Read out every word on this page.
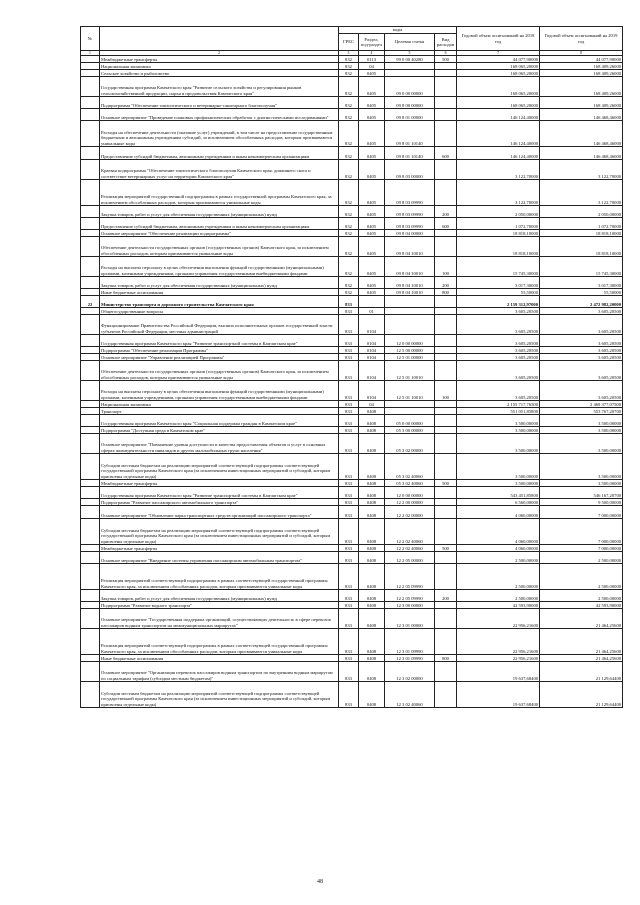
№		коды				Годовой объем ассигнований на 2018 год	Годовой объем ассигнований на 2019 год
		ГРБС	Раздел, под-раздел	Целевая статья	Вид расходов		
1	2	3	4	5	6	7	8
	Межбюджетные трансферты	832	0113	99 0 00 40280	500	44 077,90000	44 077,90000
	Национальная экономика	832	04			168 065,20000	168 409,26000
	Сельское хозяйство и рыболовство	832	0405			168 065,20000	168 409,26000
	Государственная программа Камчатского края "Развитие сельского хозяйства и регулирования рынков сельскохозяйственной продукции, сырья и продовольствия Камчатского края"	832	0405	09 0 00 00000		168 065,20000	168 409,26000
	Подпрограмма "Обеспечение эпизоотического и ветеринарно-санитарного благополучия"	832	0405	09 8 00 00000		168 065,20000	168 409,26000
	Основное мероприятие "Проведение плановых профилактических обработок с диагностическими исследованиями"	832	0405	09 8 01 00000		146 124,40000	146 468,46000
	Расходы на обеспечение деятельности (оказание услуг) учреждений, в том числе на предоставление государственным бюджетным и автономным учреждениям субсидий, за исключением обособленных расходов, которым присваиваются уникальные коды	832	0405	09 8 01 10140		146 124,40000	146 468,46000
	Предоставление субсидий бюджетным, автономным учреждениям и иным некоммерческим организациям	832	0405	09 8 01 10140	600	146 124,40000	146 468,46000
	Краевая подпрограмма "Обеспечение эпизоотического благополучия Камчатского края, домашнего скота и соответствие ветеринарных услуг на территории Камчатского края"	832	0405	09 8 03 00000		3 122,70000	3 122,70000
	Реализация мероприятий государственной подпрограммы в рамках государственной программы Камчатского края, за исключением обособленных расходов, которым присваиваются уникальные коды	832	0405	09 8 03 09990		3 122,70000	3 122,70000
	Закупка товаров, работ и услуг для обеспечения государственных (муниципальных) нужд	832	0405	09 8 03 09990	200	2 050,00000	2 050,00000
	Предоставление субсидий бюджетным, автономным учреждениям и иным некоммерческим организациям	832	0405	09 8 03 09990	600	1 072,70000	1 072,70000
	Основное мероприятие "Обеспечение реализации подпрограммы"	832	0405	09 8 04 00000		18 818,10000	18 818,10000
	Обеспечение деятельности государственных органов (государственных органов) Камчатского края, за исключением обособленных расходов, которым присваиваются уникальные коды	832	0405	09 8 04 10010		18 818,10000	18 818,10000
	Расходы на выплаты персоналу в целях обеспечения выполнения функций государственными (муниципальными) органами, казенными учреждениями, органами управления государственными внебюджетными фондами	832	0405	09 8 04 10010	100	15 745,30000	15 745,30000
	Закупка товаров, работ и услуг для обеспечения государственных (муниципальных) нужд	832	0405	09 8 04 10010	200	3 017,30000	3 017,30000
	Иные бюджетные ассигнования	832	0405	09 8 04 10010	800	55,50000	55,50000
22	Министерство транспорта и дорожного строительства Камчатского края	833				2 159 312,97000	2 472 982,20000
	Общегосударственные вопросы	833	01			3 605,20500	3 605,20500
	Функционирование Правительства Российской Федерации, высших исполнительных органов государственной власти субъектов Российской Федерации, местных администраций	833	0104			3 605,20500	3 605,20500
	Государственная программа Камчатского края "Развитие транспортной системы в Камчатском крае"	833	0104	12 0 00 00000		3 605,20500	3 605,20500
	Подпрограмма "Обеспечение реализации Программы"	833	0104	12 5 00 00000		3 605,20500	3 605,20500
	Основное мероприятие "Управление реализацией Программы"	833	0104	12 5 01 00000		3 605,20500	3 605,20500
	Обеспечение деятельности государственных органов (государственных органов) Камчатского края, за исключением обособленных расходов, которым присваиваются уникальные коды	833	0104	12 5 01 10010		3 605,20500	3 605,20500
	Расходы на выплаты персоналу в целях обеспечения выполнения функций государственными (муниципальными) органами, казенными учреждениями, органами управления государственными внебюджетными фондами	833	0104	12 5 01 10010	100	3 605,20500	3 605,20500
	Национальная экономика	833	04			2 155 717,76500	2 469 377,07500
	Транспорт	833	0408			551 051,85800	553 767,20700
	Государственная программа Камчатского края "Социальная поддержка граждан в Камчатском крае"	833	0408	05 0 00 00000		3 500,00000	3 500,00000
	Подпрограмма "Доступная среда в Камчатском крае"	833	0408	05 3 00 00000		3 500,00000	3 500,00000
	Основное мероприятие "Повышение уровня доступности и качества предоставления объектов и услуг в основных сферах жизнедеятельности инвалидов и других маломобильных групп населения"	833	0408	05 3 02 00000		3 500,00000	3 500,00000
	Субсидии местным бюджетам на реализацию мероприятий соответствующей подпрограммы соответствующей государственной программы Камчатского края (за исключением инвестиционных мероприятий и субсидий, которым присвоены отдельные коды)	833	0408	05 3 02 40060		3 500,00000	3 500,00000
	Межбюджетные трансферты	833	0408	05 3 02 40060	500	3 500,00000	3 500,00000
	Государственная программа Камчатского края "Развитие транспортной системы в Камчатском крае"	833	0408	12 0 00 00000		543 451,85800	546 167,20700
	Подпрограмма "Развитие пассажирского автомобильного транспорта"	833	0408	12 2 00 00000		6 560,00000	9 500,00000
	Основное мероприятие "Обновление парка транспортных средств организаций пассажирского транспорта"	833	0408	12 2 02 00000		4 060,00000	7 000,00000
	Субсидии местным бюджетам на реализацию мероприятий соответствующей подпрограммы соответствующей государственной программы Камчатского края (за исключением инвестиционных мероприятий и субсидий, которым присвоены отдельные коды)	833	0408	12 2 02 40060		4 060,00000	7 000,00000
	Межбюджетные трансферты	833	0408	12 2 02 40060	500	4 060,00000	7 000,00000
	Основное мероприятие "Внедрение системы управления пассажирским автомобильным транспортом"	833	0408	12 2 05 00000		2 500,00000	2 500,00000
	Реализация мероприятий соответствующей подпрограммы в рамках соответствующей государственной программы Камчатского края, за исключением обособленных расходов, которым присваиваются уникальные коды	833	0408	12 2 05 09990		2 500,00000	2 500,00000
	Закупка товаров, работ и услуг для обеспечения государственных (муниципальных) нужд	833	0408	12 2 05 09990	200	2 500,00000	2 500,00000
	Подпрограмма "Развитие водного транспорта"	833	0408	12 3 00 00000		42 593,90000	42 593,90000
	Основное мероприятие "Государственная поддержка организаций, осуществляющих деятельность в сфере перевозок пассажиров водным транспортом на межмуниципальных маршрутах"	833	0408	12 3 01 00000		22 956,21600	21 464,25600
	Реализация мероприятий соответствующей подпрограммы в рамках соответствующей государственной программы Камчатского края, за исключением обособленных расходов, которым присваиваются уникальные коды	833	0408	12 3 01 09990		22 956,21600	21 464,25600
	Иные бюджетные ассигнования	833	0408	12 3 01 09990	800	22 956,21600	21 464,25600
	Основное мероприятие "Организация перевозок пассажиров водным транспортом по внутренним водным маршрутам по социальным тарифам (субсидии местным бюджетам)"	833	0408	12 3 02 00000		19 637,68400	21 129,64400
	Субсидии местным бюджетам на реализацию мероприятий соответствующей подпрограммы соответствующей государственной программы Камчатского края (за исключением инвестиционных мероприятий и субсидий, которым присвоены отдельные коды)	833	0408	12 3 02 40060		19 637,68400	21 129,64400
48
